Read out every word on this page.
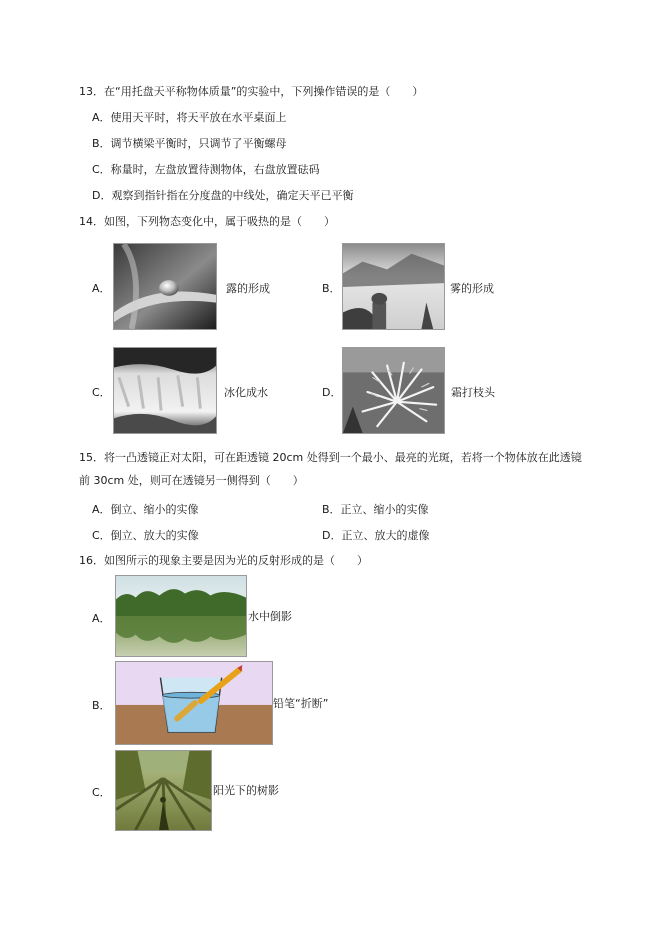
13．在“用托盘天平称物体质量”的实验中，下列操作错误的是（　　）
A．使用天平时，将天平放在水平桌面上
B．调节横梁平衡时，只调节了平衡螺母
C．称量时，左盘放置待测物体，右盘放置砝码
D．观察到指针指在分度盘的中线处，确定天平已平衡
14．如图，下列物态变化中，属于吸热的是（　　）
A．	露的形成	B．	雾的形成
C．	冰化成水	D．	霜打枝头
15．将一凸透镜正对太阳，可在距透镜 20cm 处得到一个最小、最亮的光斑，若将一个物体放在此透镜前 30cm 处，则可在透镜另一侧得到（　　）
A．倒立、缩小的实像	B．正立、缩小的实像
C．倒立、放大的实像	D．正立、放大的虚像
16．如图所示的现象主要是因为光的反射形成的是（　　）
A．	水中倒影
B．	铅笔“折断”
C．	阳光下的树影
